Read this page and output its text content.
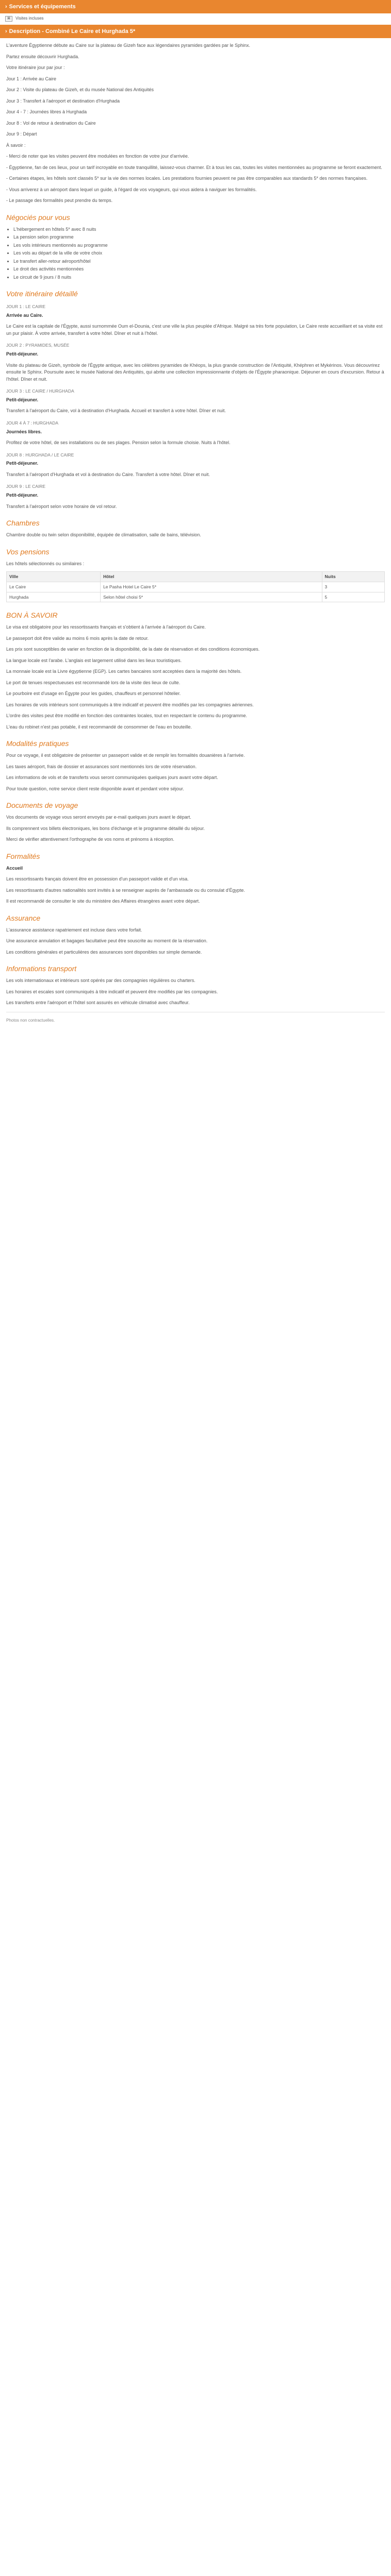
› Services et équipements
▣	Visites incluses
› Description - Combiné Le Caire et Hurghada 5*

L'aventure Égyptienne débute au Caire sur la plateau de Gizeh face aux légendaires pyramides gardées par le Sphinx.

Partez ensuite découvrir Hurghada.

Votre itinéraire jour par jour :

Jour 1 : Arrivée au Caire

Jour 2 : Visite du plateau de Gizeh, et du musée National des Antiquités

Jour 3 : Transfert à l'aéroport et destination d'Hurghada

Jour 4 - 7 : Journées libres à Hurghada

Jour 8 : Vol de retour à destination du Caire

Jour 9 : Départ

À savoir :

- Merci de noter que les visites peuvent être modulées en fonction de votre jour d'arrivée.

- Égyptienne, fan de ces lieux, pour un tarif incroyable en toute tranquillité, laissez-vous charmer. Et à tous les cas, toutes les visites mentionnées au programme se feront exactement.

- Certaines étapes, les hôtels sont classés 5* sur la vie des normes locales. Les prestations fournies peuvent ne pas être comparables aux standards 5* des normes françaises.

- Vous arriverez à un aéroport dans lequel un guide, à l'égard de vos voyageurs, qui vous aidera à naviguer les formalités.

- Le passage des formalités peut prendre du temps.

Négociés pour vous
• L'hébergement en hôtels 5* avec 8 nuits
• La pension selon programme
• Les vols intérieurs mentionnés au programme
• Les vols au départ de la ville de votre choix
• Le transfert aller-retour aéroport/hôtel
• Le droit des activités mentionnées
• Le circuit de 9 jours / 8 nuits
Votre itinéraire détaillé
JOUR 1 : LE CAIRE

Arrivée au Caire.

Le Caire est la capitale de l'Égypte, aussi surnommée Oum el-Dounia, c'est une ville la plus peuplée d'Afrique. Malgré sa très forte population, Le Caire reste accueillant et sa visite est un pur plaisir. À votre arrivée, transfert à votre hôtel. Dîner et nuit à l'hôtel.

JOUR 2 : PYRAMIDES, MUSÉE

Petit-déjeuner.

Visite du plateau de Gizeh, symbole de l'Égypte antique, avec les célèbres pyramides de Khéops, la plus grande construction de l'Antiquité, Khéphren et Mykérinos. Vous découvrirez ensuite le Sphinx. Poursuite avec le musée National des Antiquités, qui abrite une collection impressionnante d'objets de l'Égypte pharaonique. Déjeuner en cours d'excursion. Retour à l'hôtel. Dîner et nuit.

JOUR 3 : LE CAIRE / HURGHADA

Petit-déjeuner.

Transfert à l'aéroport du Caire, vol à destination d'Hurghada. Accueil et transfert à votre hôtel. Dîner et nuit.

JOUR 4 À 7 : HURGHADA

Journées libres.

Profitez de votre hôtel, de ses installations ou de ses plages. Pension selon la formule choisie. Nuits à l'hôtel.

JOUR 8 : HURGHADA / LE CAIRE

Petit-déjeuner.

Transfert à l'aéroport d'Hurghada et vol à destination du Caire. Transfert à votre hôtel. Dîner et nuit.

JOUR 9 : LE CAIRE

Petit-déjeuner.

Transfert à l'aéroport selon votre horaire de vol retour.

Chambres

Chambre double ou twin selon disponibilité, équipée de climatisation, salle de bains, télévision.

Vos pensions

Les hôtels sélectionnés ou similaires :

Ville	Hôtel	Nuits
Le Caire	Le Pasha Hotel Le Caire 5*	3
Hurghada	Selon hôtel choisi 5*	5
BON À SAVOIR

Le visa est obligatoire pour les ressortissants français et s'obtient à l'arrivée à l'aéroport du Caire.

Le passeport doit être valide au moins 6 mois après la date de retour.

Les prix sont susceptibles de varier en fonction de la disponibilité, de la date de réservation et des conditions économiques.

La langue locale est l'arabe. L'anglais est largement utilisé dans les lieux touristiques.

La monnaie locale est la Livre égyptienne (EGP). Les cartes bancaires sont acceptées dans la majorité des hôtels.

Le port de tenues respectueuses est recommandé lors de la visite des lieux de culte.

Le pourboire est d'usage en Égypte pour les guides, chauffeurs et personnel hôtelier.

Les horaires de vols intérieurs sont communiqués à titre indicatif et peuvent être modifiés par les compagnies aériennes.

L'ordre des visites peut être modifié en fonction des contraintes locales, tout en respectant le contenu du programme.

L'eau du robinet n'est pas potable, il est recommandé de consommer de l'eau en bouteille.

Modalités pratiques

Pour ce voyage, il est obligatoire de présenter un passeport valide et de remplir les formalités douanières à l'arrivée.

Les taxes aéroport, frais de dossier et assurances sont mentionnés lors de votre réservation.

Les informations de vols et de transferts vous seront communiquées quelques jours avant votre départ.

Pour toute question, notre service client reste disponible avant et pendant votre séjour.

Documents de voyage

Vos documents de voyage vous seront envoyés par e-mail quelques jours avant le départ.

Ils comprennent vos billets électroniques, les bons d'échange et le programme détaillé du séjour.

Merci de vérifier attentivement l'orthographe de vos noms et prénoms à réception.

Formalités

Accueil

Les ressortissants français doivent être en possession d'un passeport valide et d'un visa.

Les ressortissants d'autres nationalités sont invités à se renseigner auprès de l'ambassade ou du consulat d'Égypte.

Il est recommandé de consulter le site du ministère des Affaires étrangères avant votre départ.

Assurance

L'assurance assistance rapatriement est incluse dans votre forfait.

Une assurance annulation et bagages facultative peut être souscrite au moment de la réservation.

Les conditions générales et particulières des assurances sont disponibles sur simple demande.

Informations transport

Les vols internationaux et intérieurs sont opérés par des compagnies régulières ou charters.

Les horaires et escales sont communiqués à titre indicatif et peuvent être modifiés par les compagnies.

Les transferts entre l'aéroport et l'hôtel sont assurés en véhicule climatisé avec chauffeur.

Photos non contractuelles.
